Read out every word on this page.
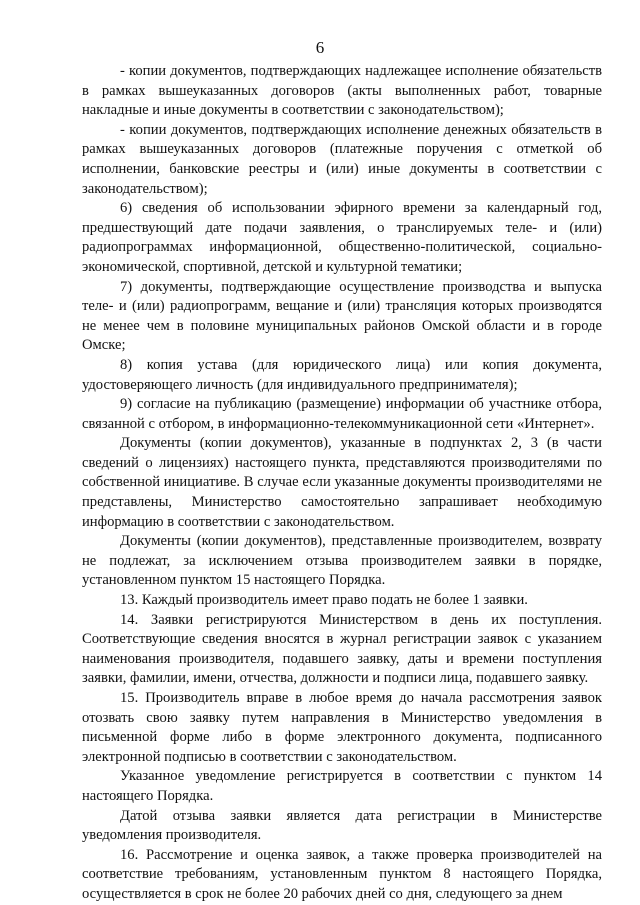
6

- копии документов, подтверждающих надлежащее исполнение обязательств в рамках вышеуказанных договоров (акты выполненных работ, товарные накладные и иные документы в соответствии с законодательством);

- копии документов, подтверждающих исполнение денежных обязательств в рамках вышеуказанных договоров (платежные поручения с отметкой об исполнении, банковские реестры и (или) иные документы в соответствии с законодательством);

6) сведения об использовании эфирного времени за календарный год, предшествующий дате подачи заявления, о транслируемых теле- и (или) радиопрограммах информационной, общественно-политической, социально-экономической, спортивной, детской и культурной тематики;

7) документы, подтверждающие осуществление производства и выпуска теле- и (или) радиопрограмм, вещание и (или) трансляция которых производятся не менее чем в половине муниципальных районов Омской области и в городе Омске;

8) копия устава (для юридического лица) или копия документа, удостоверяющего личность (для индивидуального предпринимателя);

9) согласие на публикацию (размещение) информации об участнике отбора, связанной с отбором, в информационно-телекоммуникационной сети «Интернет».

Документы (копии документов), указанные в подпунктах 2, 3 (в части сведений о лицензиях) настоящего пункта, представляются производителями по собственной инициативе. В случае если указанные документы производителями не представлены, Министерство самостоятельно запрашивает необходимую информацию в соответствии с законодательством.

Документы (копии документов), представленные производителем, возврату не подлежат, за исключением отзыва производителем заявки в порядке, установленном пунктом 15 настоящего Порядка.

13. Каждый производитель имеет право подать не более 1 заявки.

14. Заявки регистрируются Министерством в день их поступления. Соответствующие сведения вносятся в журнал регистрации заявок с указанием наименования производителя, подавшего заявку, даты и времени поступления заявки, фамилии, имени, отчества, должности и подписи лица, подавшего заявку.

15. Производитель вправе в любое время до начала рассмотрения заявок отозвать свою заявку путем направления в Министерство уведомления в письменной форме либо в форме электронного документа, подписанного электронной подписью в соответствии с законодательством.

Указанное уведомление регистрируется в соответствии с пунктом 14 настоящего Порядка.

Датой отзыва заявки является дата регистрации в Министерстве уведомления производителя.

16. Рассмотрение и оценка заявок, а также проверка производителей на соответствие требованиям, установленным пунктом 8 настоящего Порядка, осуществляется в срок не более 20 рабочих дней со дня, следующего за днем
